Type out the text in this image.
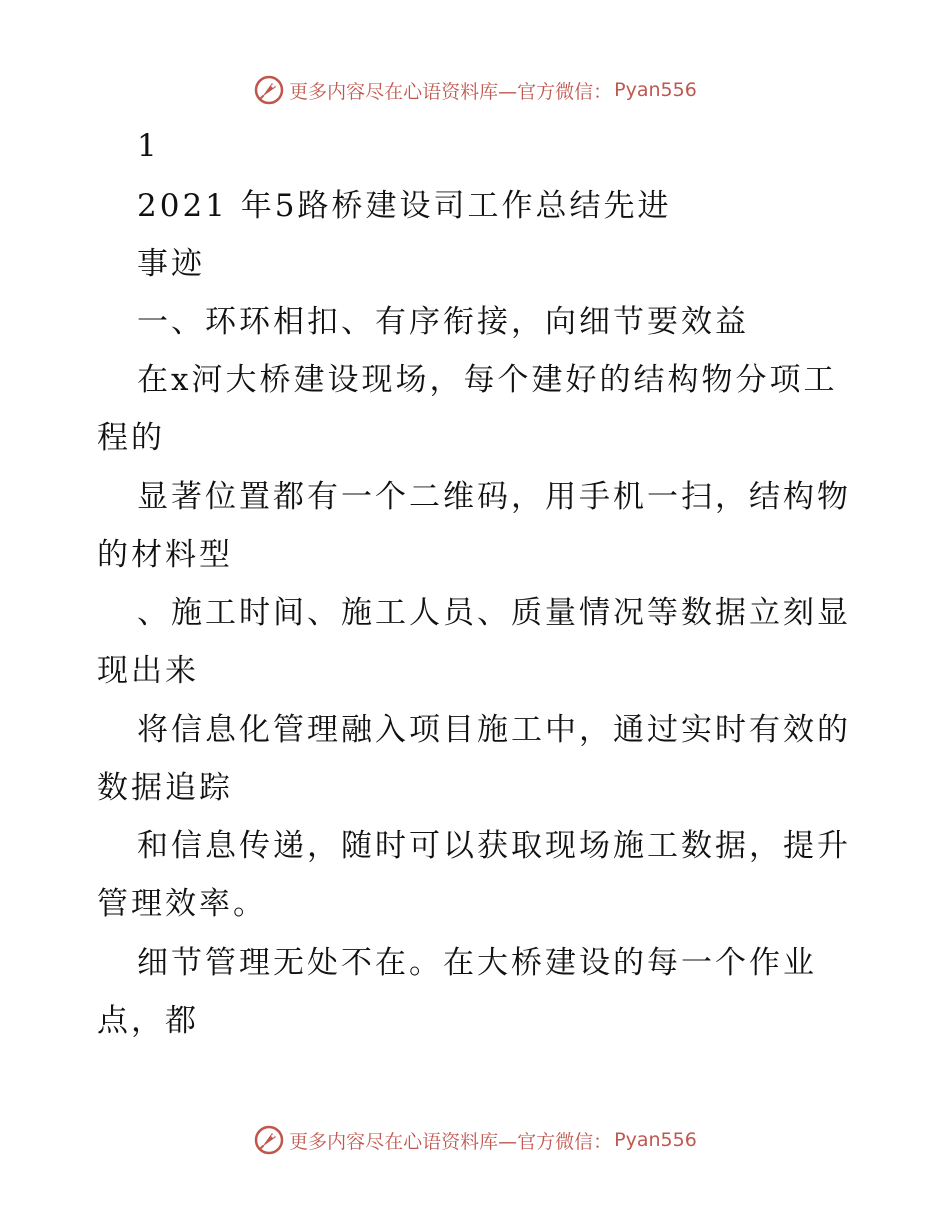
更多内容尽在心语资料库—官方微信： Pyan556
1
2021 年5路桥建设司工作总结先进
事迹
一、环环相扣、有序衔接，向细节要效益
在x河大桥建设现场，每个建好的结构物分项工
程的
显著位置都有一个二维码，用手机一扫，结构物
的材料型
、施工时间、施工人员、质量情况等数据立刻显
现出来
将信息化管理融入项目施工中，通过实时有效的
数据追踪
和信息传递，随时可以获取现场施工数据，提升
管理效率。
细节管理无处不在。在大桥建设的每一个作业
点，都
更多内容尽在心语资料库—官方微信： Pyan556
